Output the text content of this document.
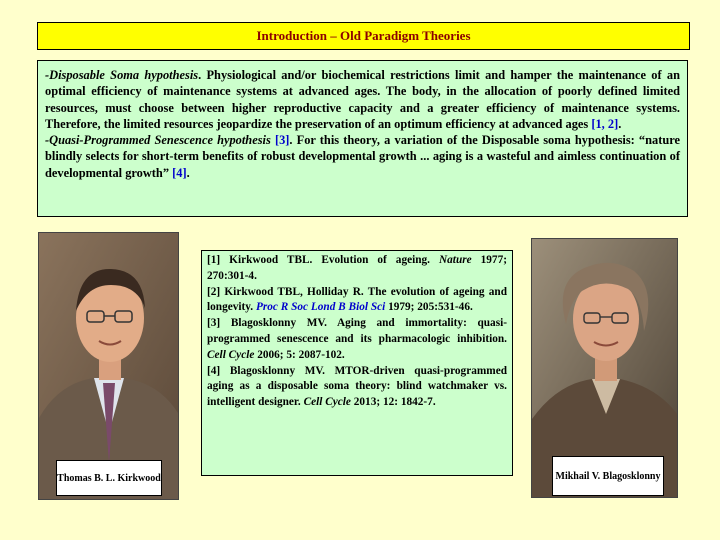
Introduction – Old Paradigm Theories

-Disposable Soma hypothesis. Physiological and/or biochemical restrictions limit and hamper the maintenance of an optimal efficiency of maintenance systems at advanced ages. The body, in the allocation of poorly defined limited resources, must choose between higher reproductive capacity and a greater efficiency of maintenance systems. Therefore, the limited resources jeopardize the preservation of an optimum efficiency at advanced ages [1, 2].

-Quasi-Programmed Senescence hypothesis [3]. For this theory, a variation of the Disposable soma hypothesis: “nature blindly selects for short-term benefits of robust developmental growth ... aging is a wasteful and aimless continuation of developmental growth” [4].

Thomas B. L. Kirkwood

[1] Kirkwood TBL. Evolution of ageing. Nature 1977; 270:301-4.

[2] Kirkwood TBL, Holliday R. The evolution of ageing and longevity. Proc R Soc Lond B Biol Sci 1979; 205:531-46.

[3] Blagosklonny MV. Aging and immortality: quasi-programmed senescence and its pharmacologic inhibition. Cell Cycle 2006; 5: 2087-102.

[4] Blagosklonny MV. MTOR-driven quasi-programmed aging as a disposable soma theory: blind watchmaker vs. intelligent designer. Cell Cycle 2013; 12: 1842-7.

Mikhail V. Blagosklonny
